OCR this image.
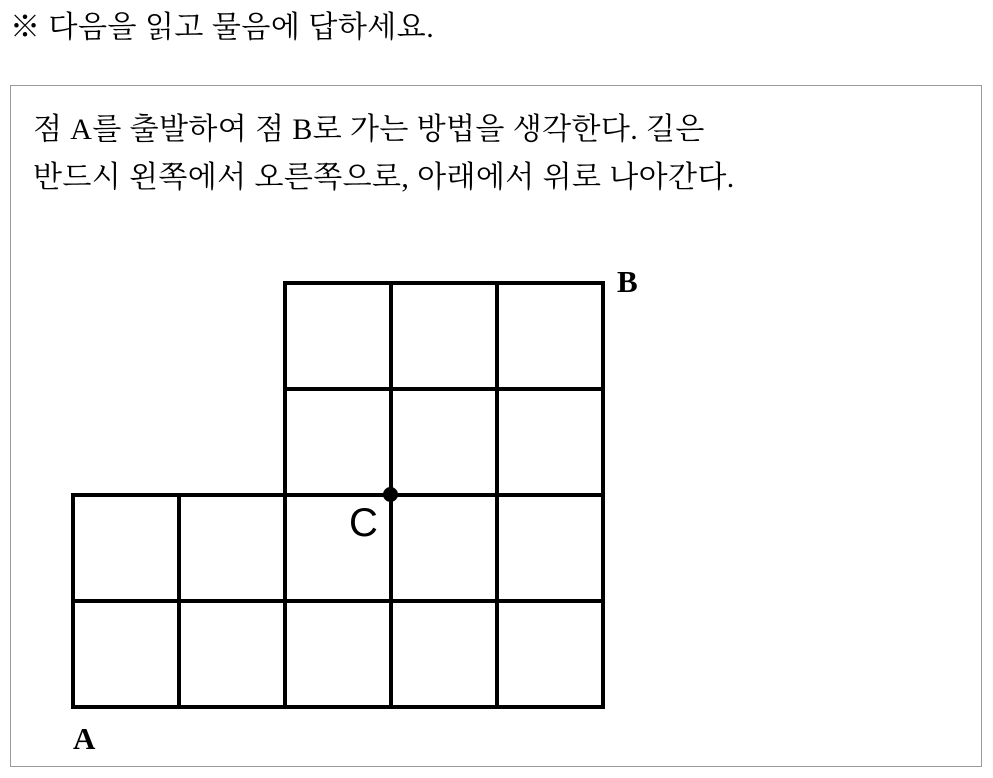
※ 다음을 읽고 물음에 답하세요.
점 A를 출발하여 점 B로 가는 방법을 생각한다. 길은
반드시 왼쪽에서 오른쪽으로, 아래에서 위로 나아간다.
B
C
A
